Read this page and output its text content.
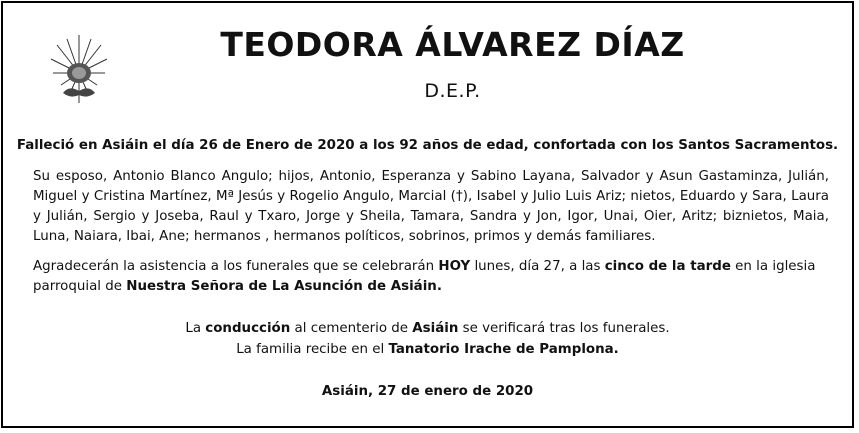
TEODORA ÁLVAREZ DÍAZ
D.E.P.
Falleció en Asiáin el día 26 de Enero de 2020 a los 92 años de edad, confortada con los Santos Sacramentos.
Su esposo, Antonio Blanco Angulo; hijos, Antonio, Esperanza y Sabino Layana, Salvador y Asun Gastaminza, Julián, Miguel y Cristina Martínez, Mª Jesús y Rogelio Angulo, Marcial (†), Isabel y Julio Luis Ariz; nietos, Eduardo y Sara, Laura y Julián, Sergio y Joseba, Raul y Txaro, Jorge y Sheila, Tamara, Sandra y Jon, Igor, Unai, Oier, Aritz; biznietos, Maia, Luna, Naiara, Ibai, Ane; hermanos , hermanos políticos, sobrinos, primos y demás familiares.
Agradecerán la asistencia a los funerales que se celebrarán HOY lunes, día 27, a las cinco de la tarde en la iglesia parroquial de Nuestra Señora de La Asunción de Asiáin.
La conducción al cementerio de Asiáin se verificará tras los funerales.
La familia recibe en el Tanatorio Irache de Pamplona.
Asiáin, 27 de enero de 2020
